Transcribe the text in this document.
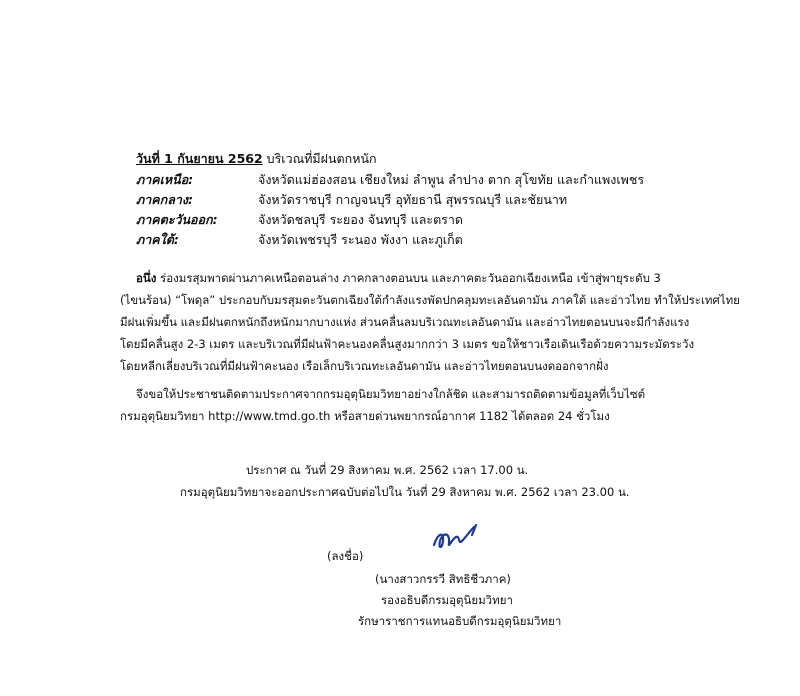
วันที่ 1 กันยายน 2562 บริเวณที่มีฝนตกหนัก
ภาคเหนือ:	จังหวัดแม่ฮ่องสอน เชียงใหม่ ลำพูน ลำปาง ตาก สุโขทัย และกำแพงเพชร
ภาคกลาง:	จังหวัดราชบุรี กาญจนบุรี อุทัยธานี สุพรรณบุรี และชัยนาท
ภาคตะวันออก:	จังหวัดชลบุรี ระยอง จันทบุรี และตราด
ภาคใต้:	จังหวัดเพชรบุรี ระนอง พังงา และภูเก็ต

อนึ่ง ร่องมรสุมพาดผ่านภาคเหนือตอนล่าง ภาคกลางตอนบน และภาคตะวันออกเฉียงเหนือ เข้าสู่พายุระดับ 3

(ไขนร้อน) “โพดุล” ประกอบกับมรสุมตะวันตกเฉียงใต้กำลังแรงพัดปกคลุมทะเลอันดามัน ภาคใต้ และอ่าวไทย ทำให้ประเทศไทย

มีฝนเพิ่มขึ้น และมีฝนตกหนักถึงหนักมากบางแห่ง ส่วนคลื่นลมบริเวณทะเลอันดามัน และอ่าวไทยตอนบนจะมีกำลังแรง

โดยมีคลื่นสูง 2-3 เมตร และบริเวณที่มีฝนฟ้าคะนองคลื่นสูงมากกว่า 3 เมตร ขอให้ชาวเรือเดินเรือด้วยความระมัดระวัง

โดยหลีกเลี่ยงบริเวณที่มีฝนฟ้าคะนอง เรือเล็กบริเวณทะเลอันดามัน และอ่าวไทยตอนบนงดออกจากฝั่ง

จึงขอให้ประชาชนติดตามประกาศจากกรมอุตุนิยมวิทยาอย่างใกล้ชิด และสามารถติดตามข้อมูลที่เว็บไซต์

กรมอุตุนิยมวิทยา http://www.tmd.go.th หรือสายด่วนพยากรณ์อากาศ 1182 ได้ตลอด 24 ชั่วโมง

ประกาศ ณ วันที่ 29 สิงหาคม พ.ศ. 2562 เวลา 17.00 น.
กรมอุตุนิยมวิทยาจะออกประกาศฉบับต่อไปใน วันที่ 29 สิงหาคม พ.ศ. 2562 เวลา 23.00 น.
(ลงชื่อ)
(นางสาวกรรวี สิทธิชีวภาค)
รองอธิบดีกรมอุตุนิยมวิทยา
รักษาราชการแทนอธิบดีกรมอุตุนิยมวิทยา
